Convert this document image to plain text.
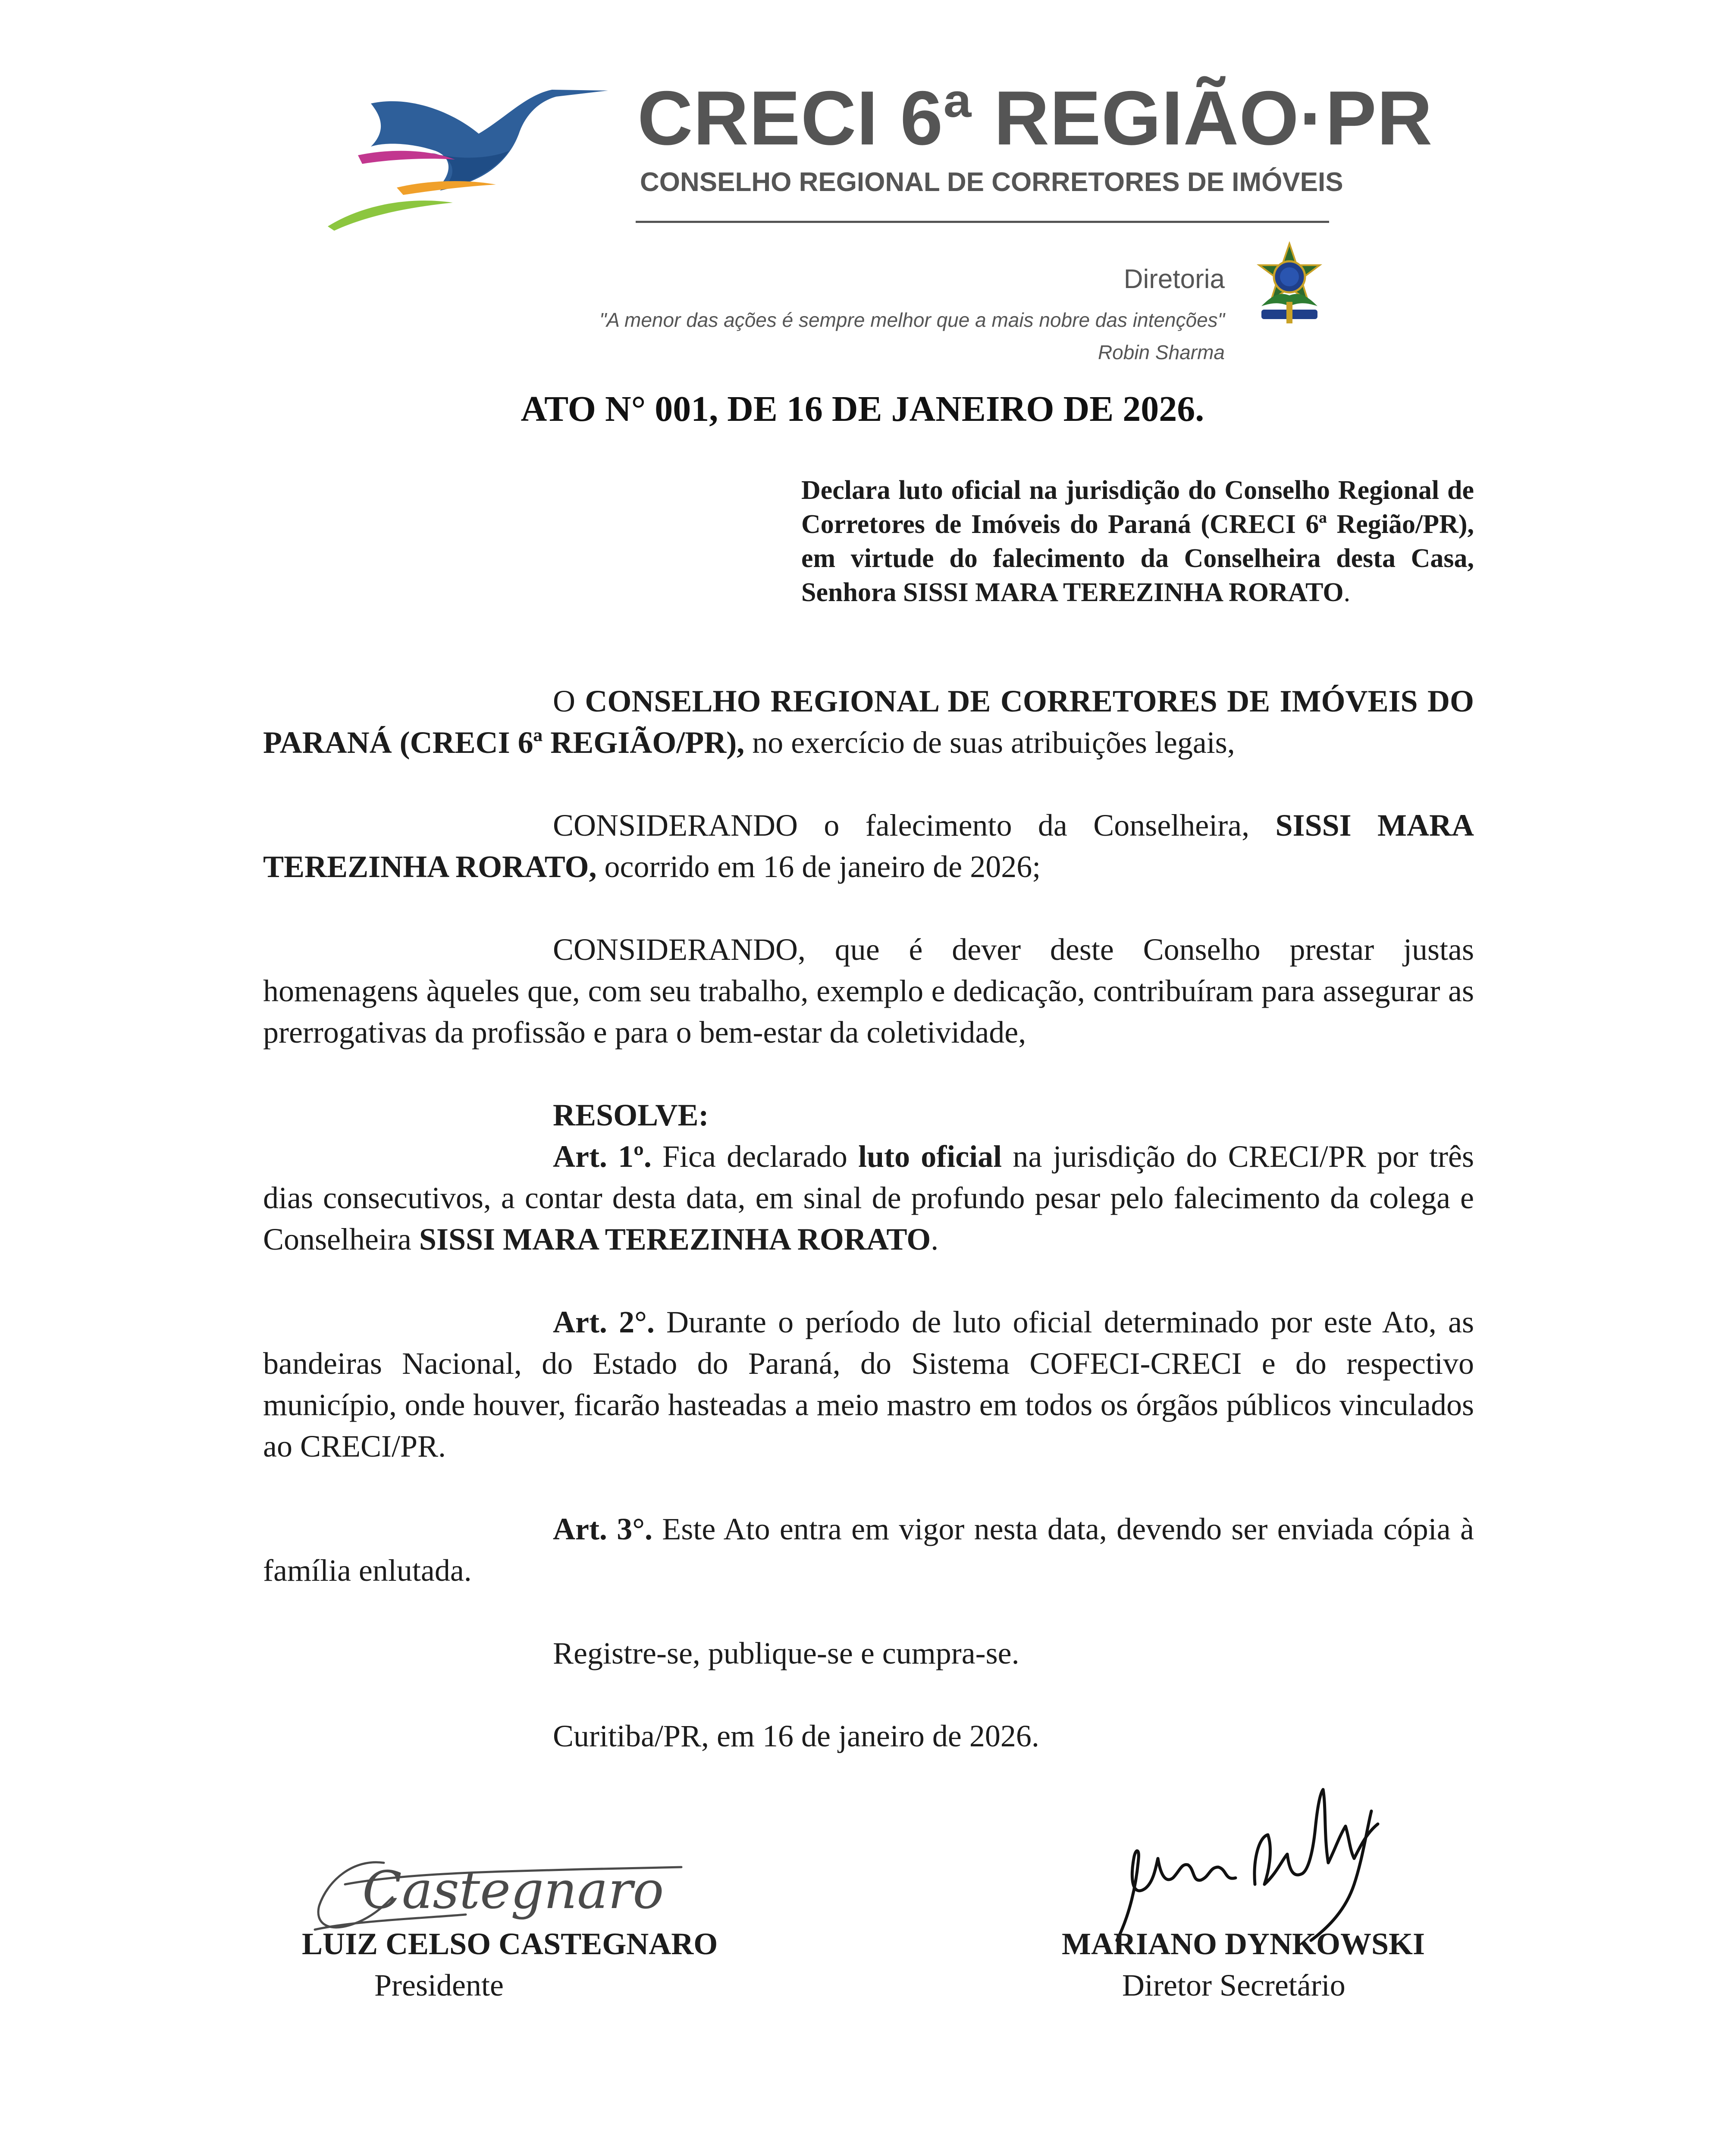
CRECI 6ª REGIÃO·PR
CONSELHO REGIONAL DE CORRETORES DE IMÓVEIS
Diretoria
"A menor das ações é sempre melhor que a mais nobre das intenções"
Robin Sharma
ATO N° 001, DE 16 DE JANEIRO DE 2026.
Declara luto oficial na jurisdição do Conselho Regional de Corretores de Imóveis do Paraná (CRECI 6ª Região/PR), em virtude do falecimento da Conselheira desta Casa, Senhora SISSI MARA TEREZINHA RORATO.
O CONSELHO REGIONAL DE CORRETORES DE IMÓVEIS DO PARANÁ (CRECI 6ª REGIÃO/PR), no exercício de suas atribuições legais,
CONSIDERANDO o falecimento da Conselheira, SISSI MARA TEREZINHA RORATO, ocorrido em 16 de janeiro de 2026;
CONSIDERANDO, que é dever deste Conselho prestar justas homenagens àqueles que, com seu trabalho, exemplo e dedicação, contribuíram para assegurar as prerrogativas da profissão e para o bem-estar da coletividade,
RESOLVE:
Art. 1º. Fica declarado luto oficial na jurisdição do CRECI/PR por três dias consecutivos, a contar desta data, em sinal de profundo pesar pelo falecimento da colega e Conselheira SISSI MARA TEREZINHA RORATO.
Art. 2°. Durante o período de luto oficial determinado por este Ato, as bandeiras Nacional, do Estado do Paraná, do Sistema COFECI-CRECI e do respectivo município, onde houver, ficarão hasteadas a meio mastro em todos os órgãos públicos vinculados ao CRECI/PR.
Art. 3°. Este Ato entra em vigor nesta data, devendo ser enviada cópia à família enlutada.
Registre-se, publique-se e cumpra-se.
Curitiba/PR, em 16 de janeiro de 2026.
Castegnaro
LUIZ CELSO CASTEGNARO
Presidente
MARIANO DYNKOWSKI
Diretor Secretário
